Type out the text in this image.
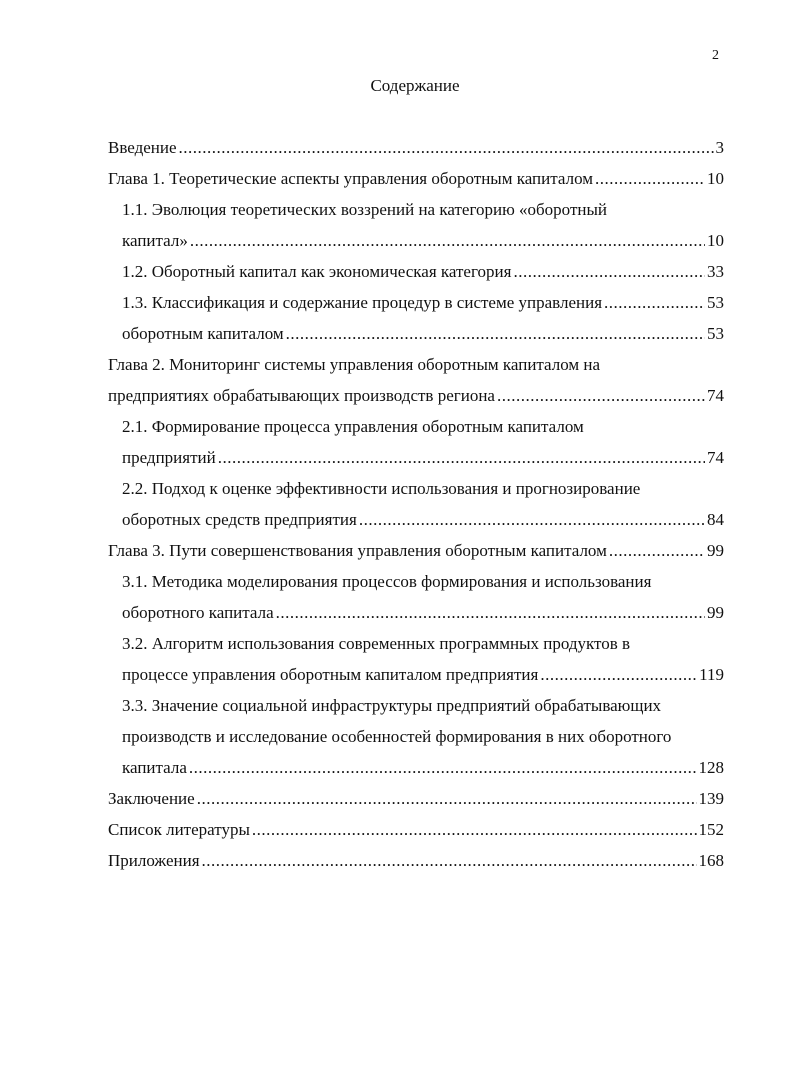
2
Содержание
Введение .....	3
Глава 1. Теоретические аспекты управления оборотным капиталом .....	10
1.1. Эволюция теоретических воззрений на категорию «оборотный
капитал» .....	10
1.2. Оборотный капитал как экономическая категория .....	33
1.3. Классификация и содержание процедур в системе управления .....	53
оборотным капиталом .....	53
Глава 2. Мониторинг системы управления оборотным капиталом на
предприятиях обрабатывающих производств региона .....	74
2.1. Формирование процесса управления оборотным капиталом
предприятий .....	74
2.2. Подход к оценке эффективности использования и прогнозирование
оборотных средств предприятия .....	84
Глава 3. Пути совершенствования управления оборотным капиталом .....	99
3.1. Методика моделирования процессов формирования и использования
оборотного капитала .....	99
3.2. Алгоритм использования современных программных продуктов в
процессе управления оборотным капиталом предприятия .....	119
3.3. Значение социальной инфраструктуры предприятий обрабатывающих
производств и исследование особенностей формирования в них оборотного
капитала .....	128
Заключение .....	139
Список литературы .....	152
Приложения .....	168
